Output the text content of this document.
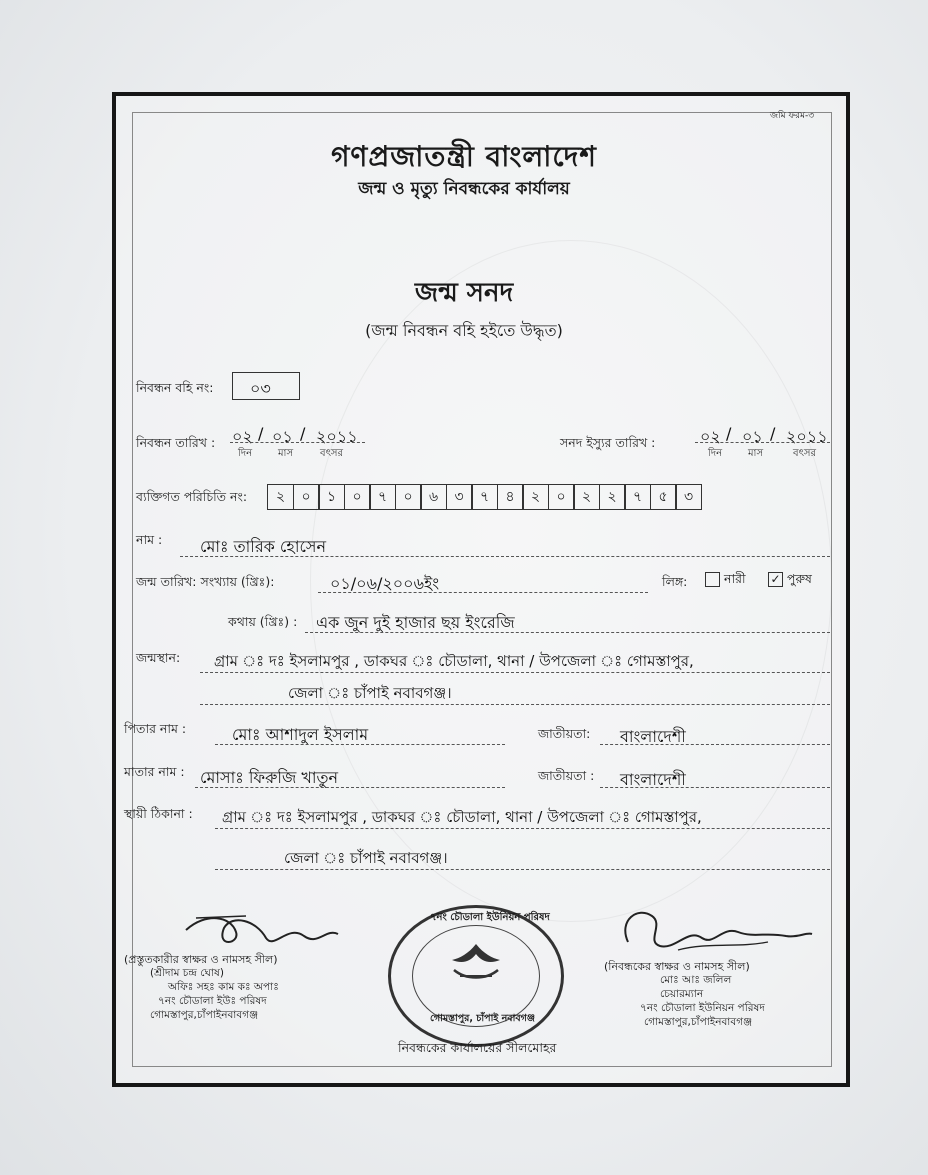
জমি ফরম-৩
গণপ্রজাতন্ত্রী বাংলাদেশ
জন্ম ও মৃত্যু নিবন্ধকের কার্যালয়
জন্ম সনদ
(জন্ম নিবন্ধন বহি হইতে উদ্ধৃত)
নিবন্ধন বহি নং: ০৩
নিবন্ধন তারিখ : ০২ / ০১ / ২০১১
দিন	মাস	বৎসর
সনদ ইস্যুর তারিখ :	০২ / ০১ / ২০১১
দিন	মাস	বৎসর
ব্যক্তিগত পরিচিতি নং:	২	০	১	০	৭	০	৬	৩	৭	৪	২	০	২	২	৭	৫	৩
নাম : মোঃ তারিক হোসেন
জন্ম তারিখ: সংখ্যায় (খ্রিঃ):	০১/০৬/২০০৬ইং	লিঙ্গ:	নারী ✓ পুরুষ
কথায় (খ্রিঃ) : এক জুন দুই হাজার ছয় ইংরেজি
জন্মস্থান: গ্রাম ঃ দঃ ইসলামপুর , ডাকঘর ঃ চৌডালা, থানা / উপজেলা ঃ গোমস্তাপুর,
জেলা ঃ চাঁপাই নবাবগঞ্জ।
পিতার নাম :	মোঃ আশাদুল ইসলাম	জাতীয়তা: বাংলাদেশী
মাতার নাম : মোসাঃ ফিরুজি খাতুন	জাতীয়তা : বাংলাদেশী
স্থায়ী ঠিকানা : গ্রাম ঃ দঃ ইসলামপুর , ডাকঘর ঃ চৌডালা, থানা / উপজেলা ঃ গোমস্তাপুর,
জেলা ঃ চাঁপাই নবাবগঞ্জ।
(প্রস্তুতকারীর স্বাক্ষর ও নামসহ সীল)
(শ্রীদাম চন্দ্র ঘোষ)
অফিঃ সহঃ কাম কঃ অপাঃ
৭নং চৌডালা ইউঃ পরিষদ
গোমস্তাপুর,চাঁপাইনবাবগঞ্জ
৭নং চৌডালা ইউনিয়ন পরিষদ
গোমস্তাপুর, চাঁপাই নবাবগঞ্জ
নিবন্ধকের কার্যালয়ের সীলমোহর
(নিবন্ধকের স্বাক্ষর ও নামসহ সীল)
মোঃ আঃ জলিল
চেয়ারম্যান
৭নং চৌডালা ইউনিয়ন পরিষদ
গোমস্তাপুর,চাঁপাইনবাবগঞ্জ
